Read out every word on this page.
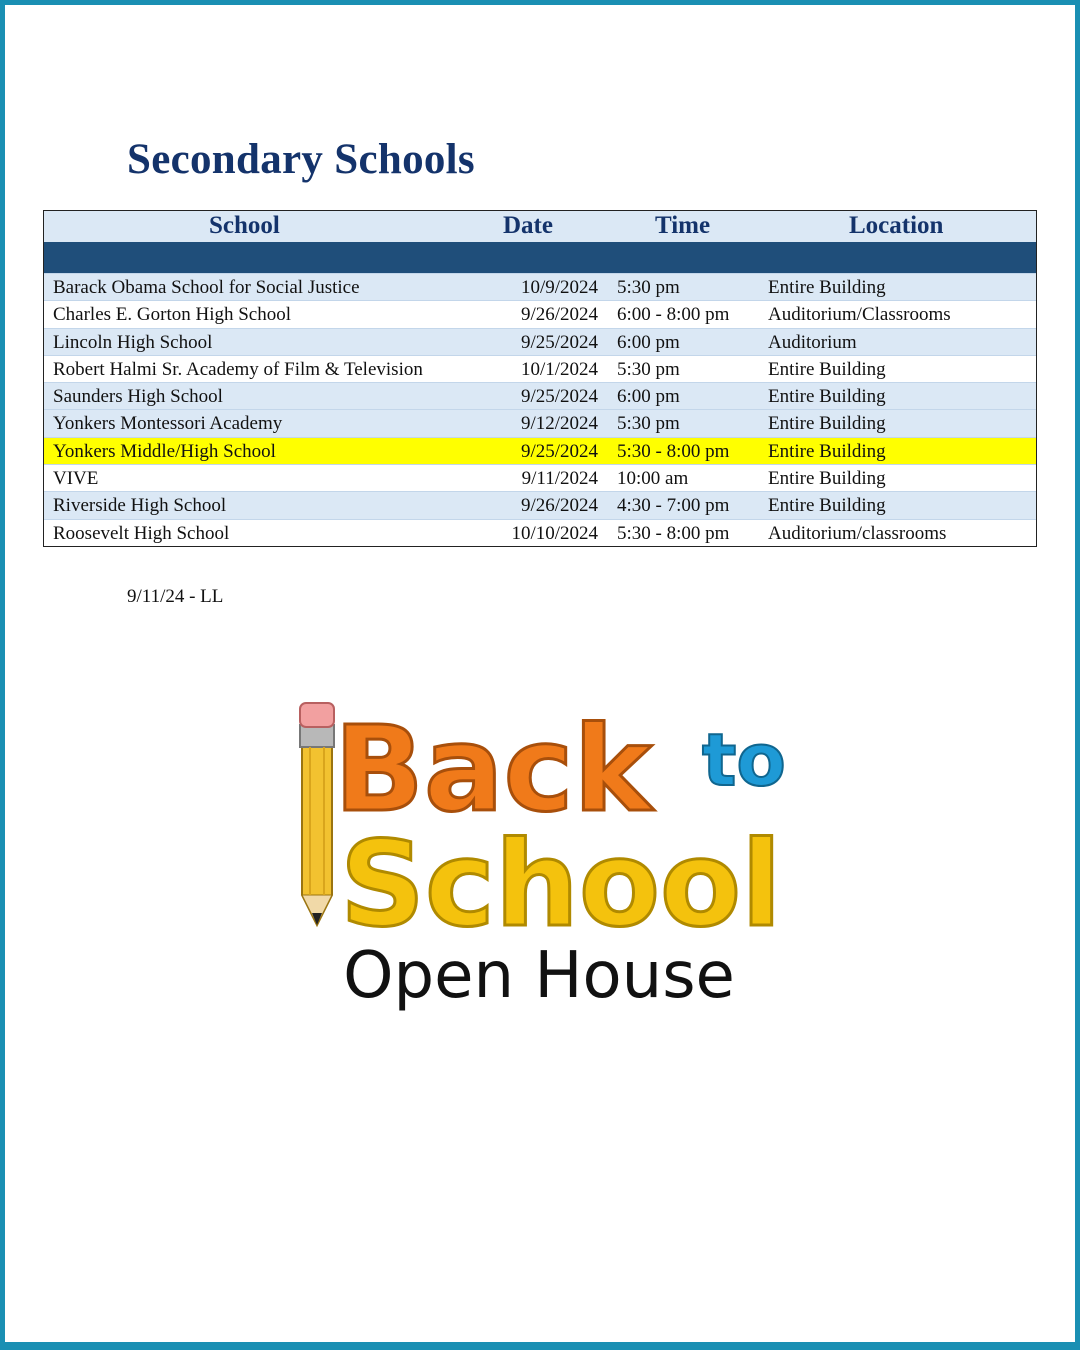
Secondary Schools
School	Date	Time	Location
Barack Obama School for Social Justice	10/9/2024 5:30 pm	Entire Building
Charles E. Gorton High School	9/26/2024 6:00 - 8:00 pm Auditorium/Classrooms
Lincoln High School	9/25/2024 6:00 pm	Auditorium
Robert Halmi Sr. Academy of Film & Television	10/1/2024 5:30 pm	Entire Building
Saunders High School	9/25/2024 6:00 pm	Entire Building
Yonkers Montessori Academy	9/12/2024 5:30 pm	Entire Building
Yonkers Middle/High School	9/25/2024 5:30 - 8:00 pm Entire Building
VIVE	9/11/2024 10:00 am	Entire Building
Riverside High School	9/26/2024 4:30 - 7:00 pm Entire Building
Roosevelt High School	10/10/2024 5:30 - 8:00 pm Auditorium/classrooms
9/11/24 - LL
Back to
School
Open House
